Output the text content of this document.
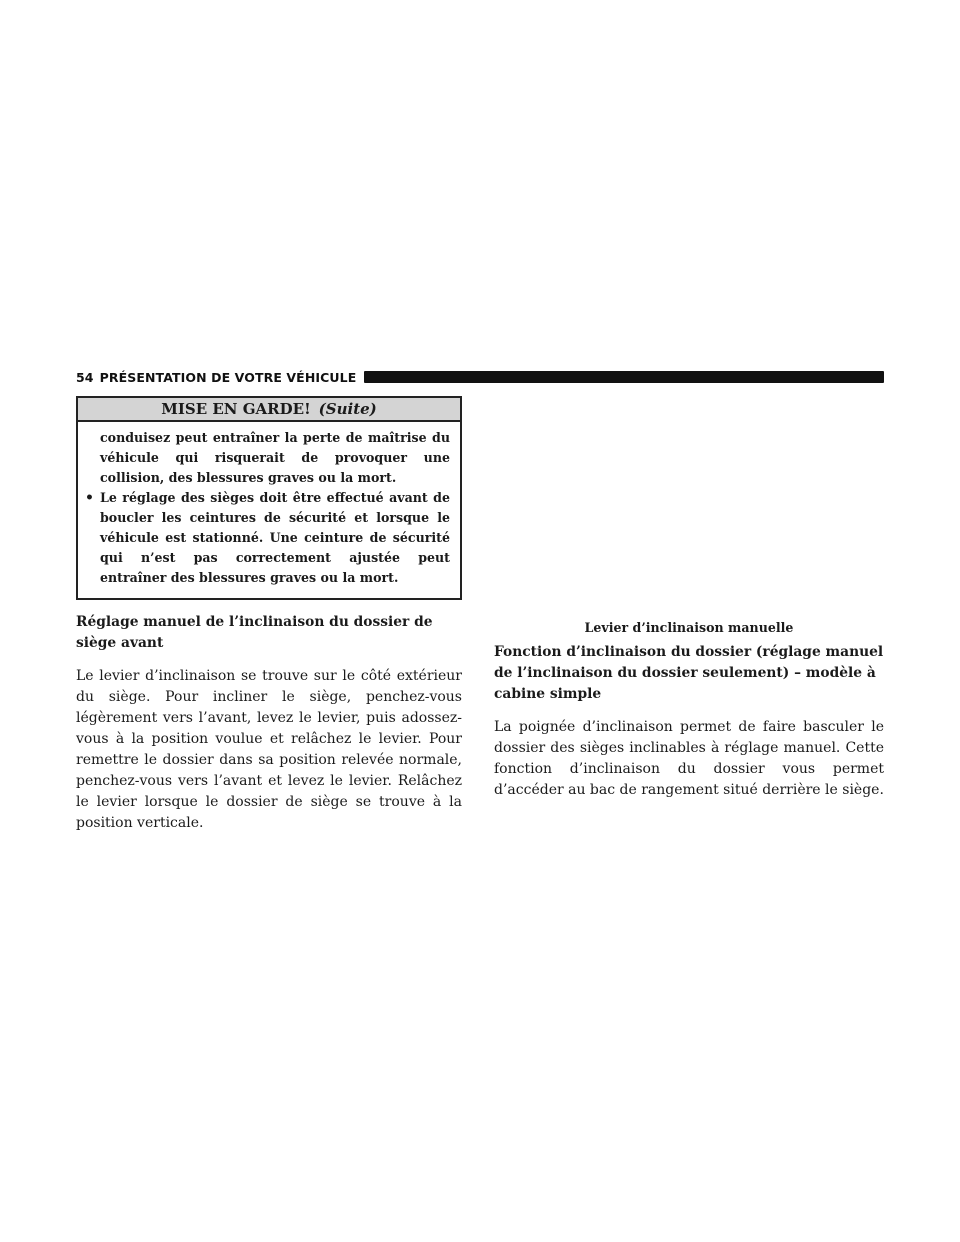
54 PRÉSENTATION DE VOTRE VÉHICULE
MISE EN GARDE! (Suite)

conduisez peut entraîner la perte de maîtrise du véhicule qui risquerait de provoquer une collision, des blessures graves ou la mort.

• Le réglage des sièges doit être effectué avant de boucler les ceintures de sécurité et lorsque le véhicule est stationné. Une ceinture de sécurité qui n’est pas correctement ajustée peut entraîner des blessures graves ou la mort.
Réglage manuel de l’inclinaison du dossier de siège avant

Le levier d’inclinaison se trouve sur le côté extérieur du siège. Pour incliner le siège, penchez-vous légèrement vers l’avant, levez le levier, puis adossez-vous à la position voulue et relâchez le levier. Pour remettre le dossier dans sa position relevée normale, penchez-vous vers l’avant et levez le levier. Relâchez le levier lorsque le dossier de siège se trouve à la position verticale.

Levier d’inclinaison manuelle

Fonction d’inclinaison du dossier (réglage manuel de l’inclinaison du dossier seulement) – modèle à cabine simple

La poignée d’inclinaison permet de faire basculer le dossier des sièges inclinables à réglage manuel. Cette fonction d’inclinaison du dossier vous permet d’accéder au bac de rangement situé derrière le siège.
